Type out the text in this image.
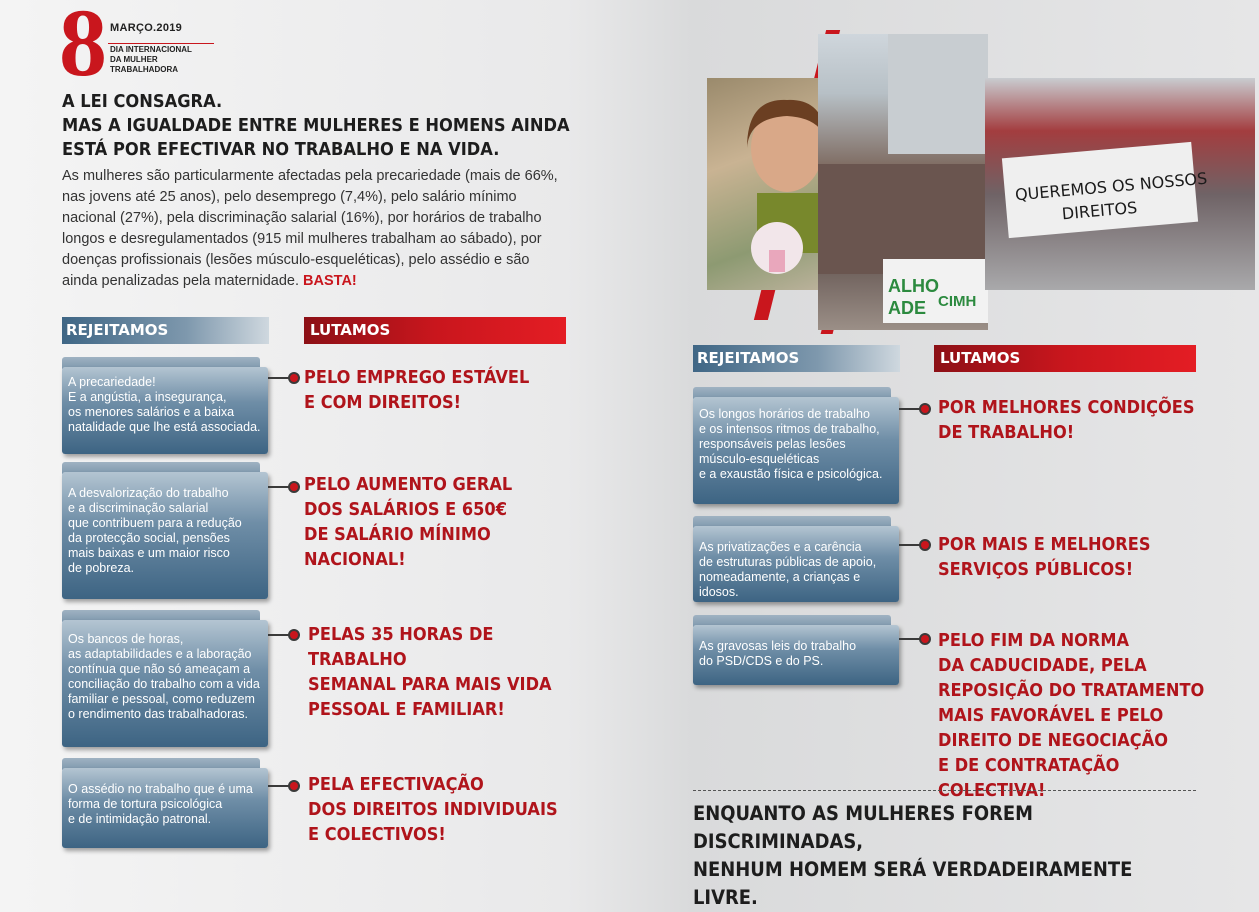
8 MARÇO.2019
DIA INTERNACIONAL
DA MULHER
TRABALHADORA
A LEI CONSAGRA.
MAS A IGUALDADE ENTRE MULHERES E HOMENS AINDA
ESTÁ POR EFECTIVAR NO TRABALHO E NA VIDA.
As mulheres são particularmente afectadas pela precariedade (mais de 66%, nas jovens até 25 anos), pelo desemprego (7,4%), pelo salário mínimo nacional (27%), pela discriminação salarial (16%), por horários de trabalho longos e desregulamentados (915 mil mulheres trabalham ao sábado), por doenças profissionais (lesões músculo-esqueléticas), pelo assédio e são ainda penalizadas pela maternidade. BASTA!
REJEITAMOS	LUTAMOS
A precariedade!
E a angústia, a insegurança,
os menores salários e a baixa
natalidade que lhe está associada.
PELO EMPREGO ESTÁVEL
E COM DIREITOS!
A desvalorização do trabalho
e a discriminação salarial
que contribuem para a redução
da protecção social, pensões
mais baixas e um maior risco
de pobreza.
PELO AUMENTO GERAL
DOS SALÁRIOS E 650€
DE SALÁRIO MÍNIMO NACIONAL!
Os bancos de horas,
as adaptabilidades e a laboração
contínua que não só ameaçam a
conciliação do trabalho com a vida
familiar e pessoal, como reduzem
o rendimento das trabalhadoras.
PELAS 35 HORAS DE TRABALHO
SEMANAL PARA MAIS VIDA
PESSOAL E FAMILIAR!
O assédio no trabalho que é uma
forma de tortura psicológica
e de intimidação patronal.
PELA EFECTIVAÇÃO
DOS DIREITOS INDIVIDUAIS
E COLECTIVOS!
ALHO
ADE CIMH
QUEREMOS OS NOSSOS
DIREITOS
REJEITAMOS	LUTAMOS
Os longos horários de trabalho
e os intensos ritmos de trabalho,
responsáveis pelas lesões
músculo-esqueléticas
e a exaustão física e psicológica.
POR MELHORES CONDIÇÕES
DE TRABALHO!
As privatizações e a carência
de estruturas públicas de apoio,
nomeadamente, a crianças e idosos.
POR MAIS E MELHORES
SERVIÇOS PÚBLICOS!
As gravosas leis do trabalho
do PSD/CDS e do PS.
PELO FIM DA NORMA
DA CADUCIDADE, PELA
REPOSIÇÃO DO TRATAMENTO
MAIS FAVORÁVEL E PELO
DIREITO DE NEGOCIAÇÃO
E DE CONTRATAÇÃO COLECTIVA!
ENQUANTO AS MULHERES FOREM DISCRIMINADAS,
NENHUM HOMEM SERÁ VERDADEIRAMENTE LIVRE.
